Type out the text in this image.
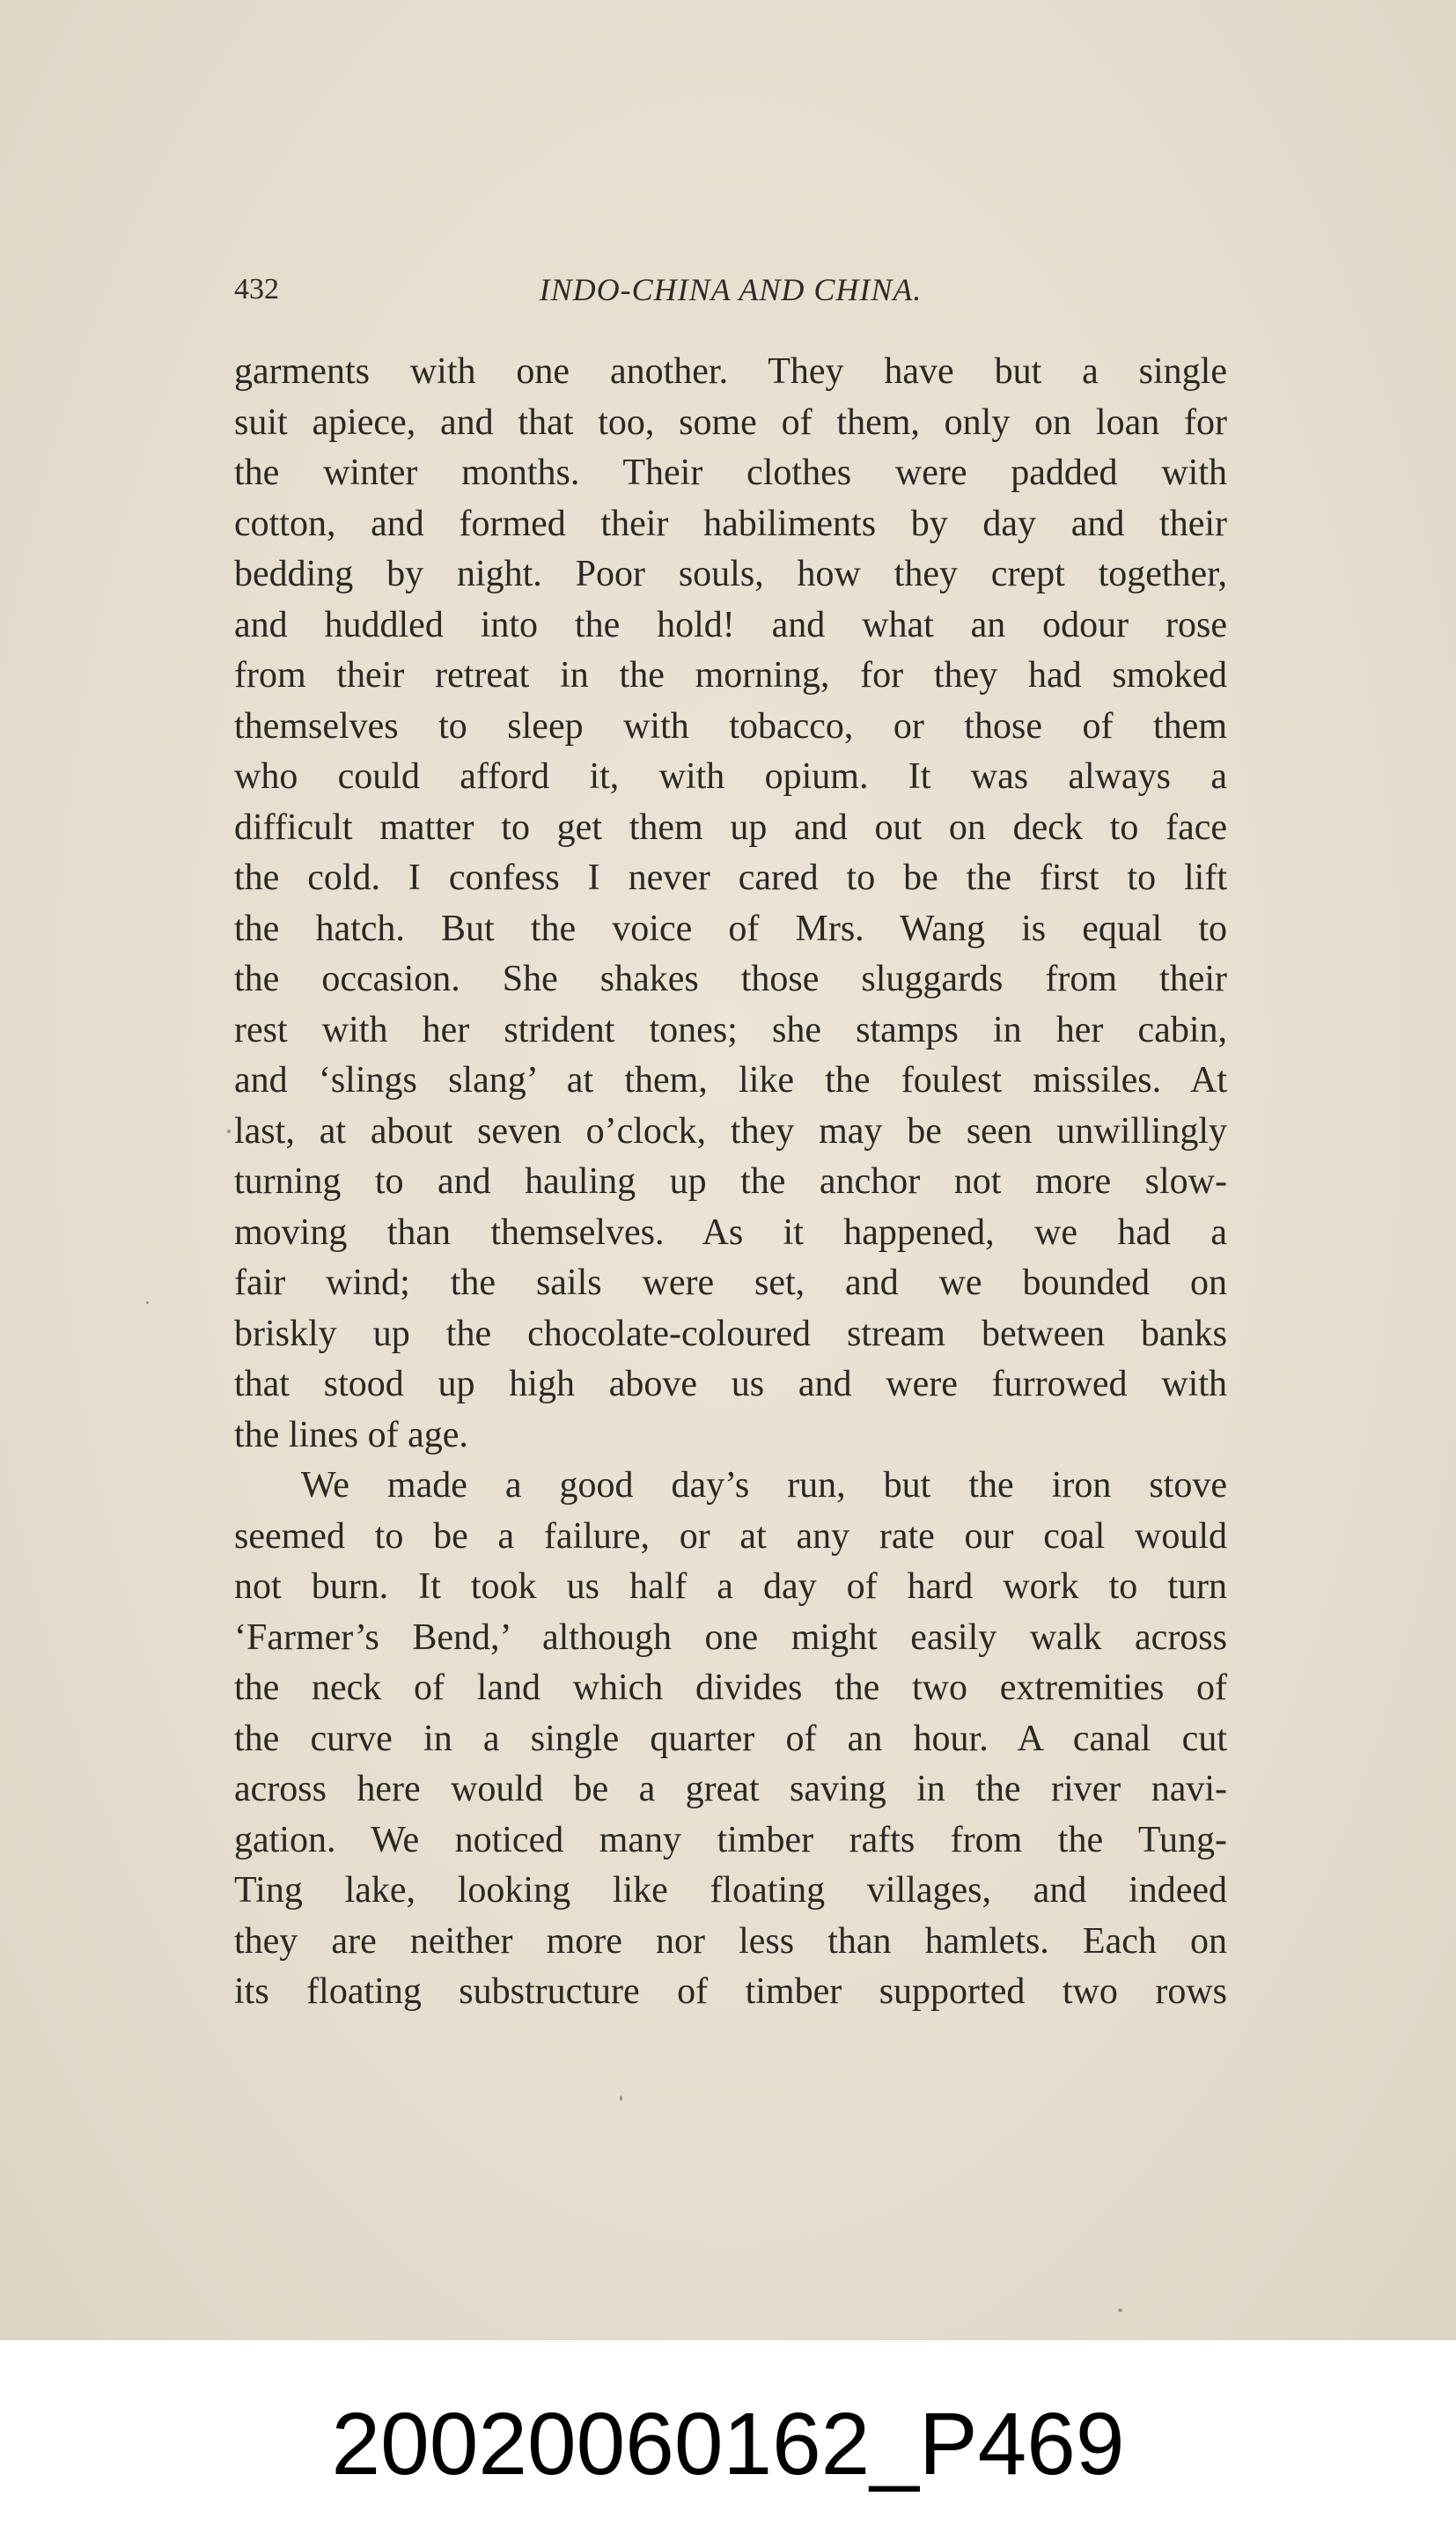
432	INDO-CHINA AND CHINA.
garments with one another. They have but a single
suit apiece, and that too, some of them, only on loan for
the winter months. Their clothes were padded with
cotton, and formed their habiliments by day and their
bedding by night. Poor souls, how they crept together,
and huddled into the hold! and what an odour rose
from their retreat in the morning, for they had smoked
themselves to sleep with tobacco, or those of them
who could afford it, with opium. It was always a
difficult matter to get them up and out on deck to face
the cold. I confess I never cared to be the first to lift
the hatch. But the voice of Mrs. Wang is equal to
the occasion. She shakes those sluggards from their
rest with her strident tones; she stamps in her cabin,
and ‘slings slang’ at them, like the foulest missiles. At
last, at about seven o’clock, they may be seen unwillingly
turning to and hauling up the anchor not more slow-
moving than themselves. As it happened, we had a
fair wind; the sails were set, and we bounded on
briskly up the chocolate-coloured stream between banks
that stood up high above us and were furrowed with
the lines of age.
We made a good day’s run, but the iron stove
seemed to be a failure, or at any rate our coal would
not burn. It took us half a day of hard work to turn
‘Farmer’s Bend,’ although one might easily walk across
the neck of land which divides the two extremities of
the curve in a single quarter of an hour. A canal cut
across here would be a great saving in the river navi-
gation. We noticed many timber rafts from the Tung-
Ting lake, looking like floating villages, and indeed
they are neither more nor less than hamlets. Each on
its floating substructure of timber supported two rows
20020060162_P469
